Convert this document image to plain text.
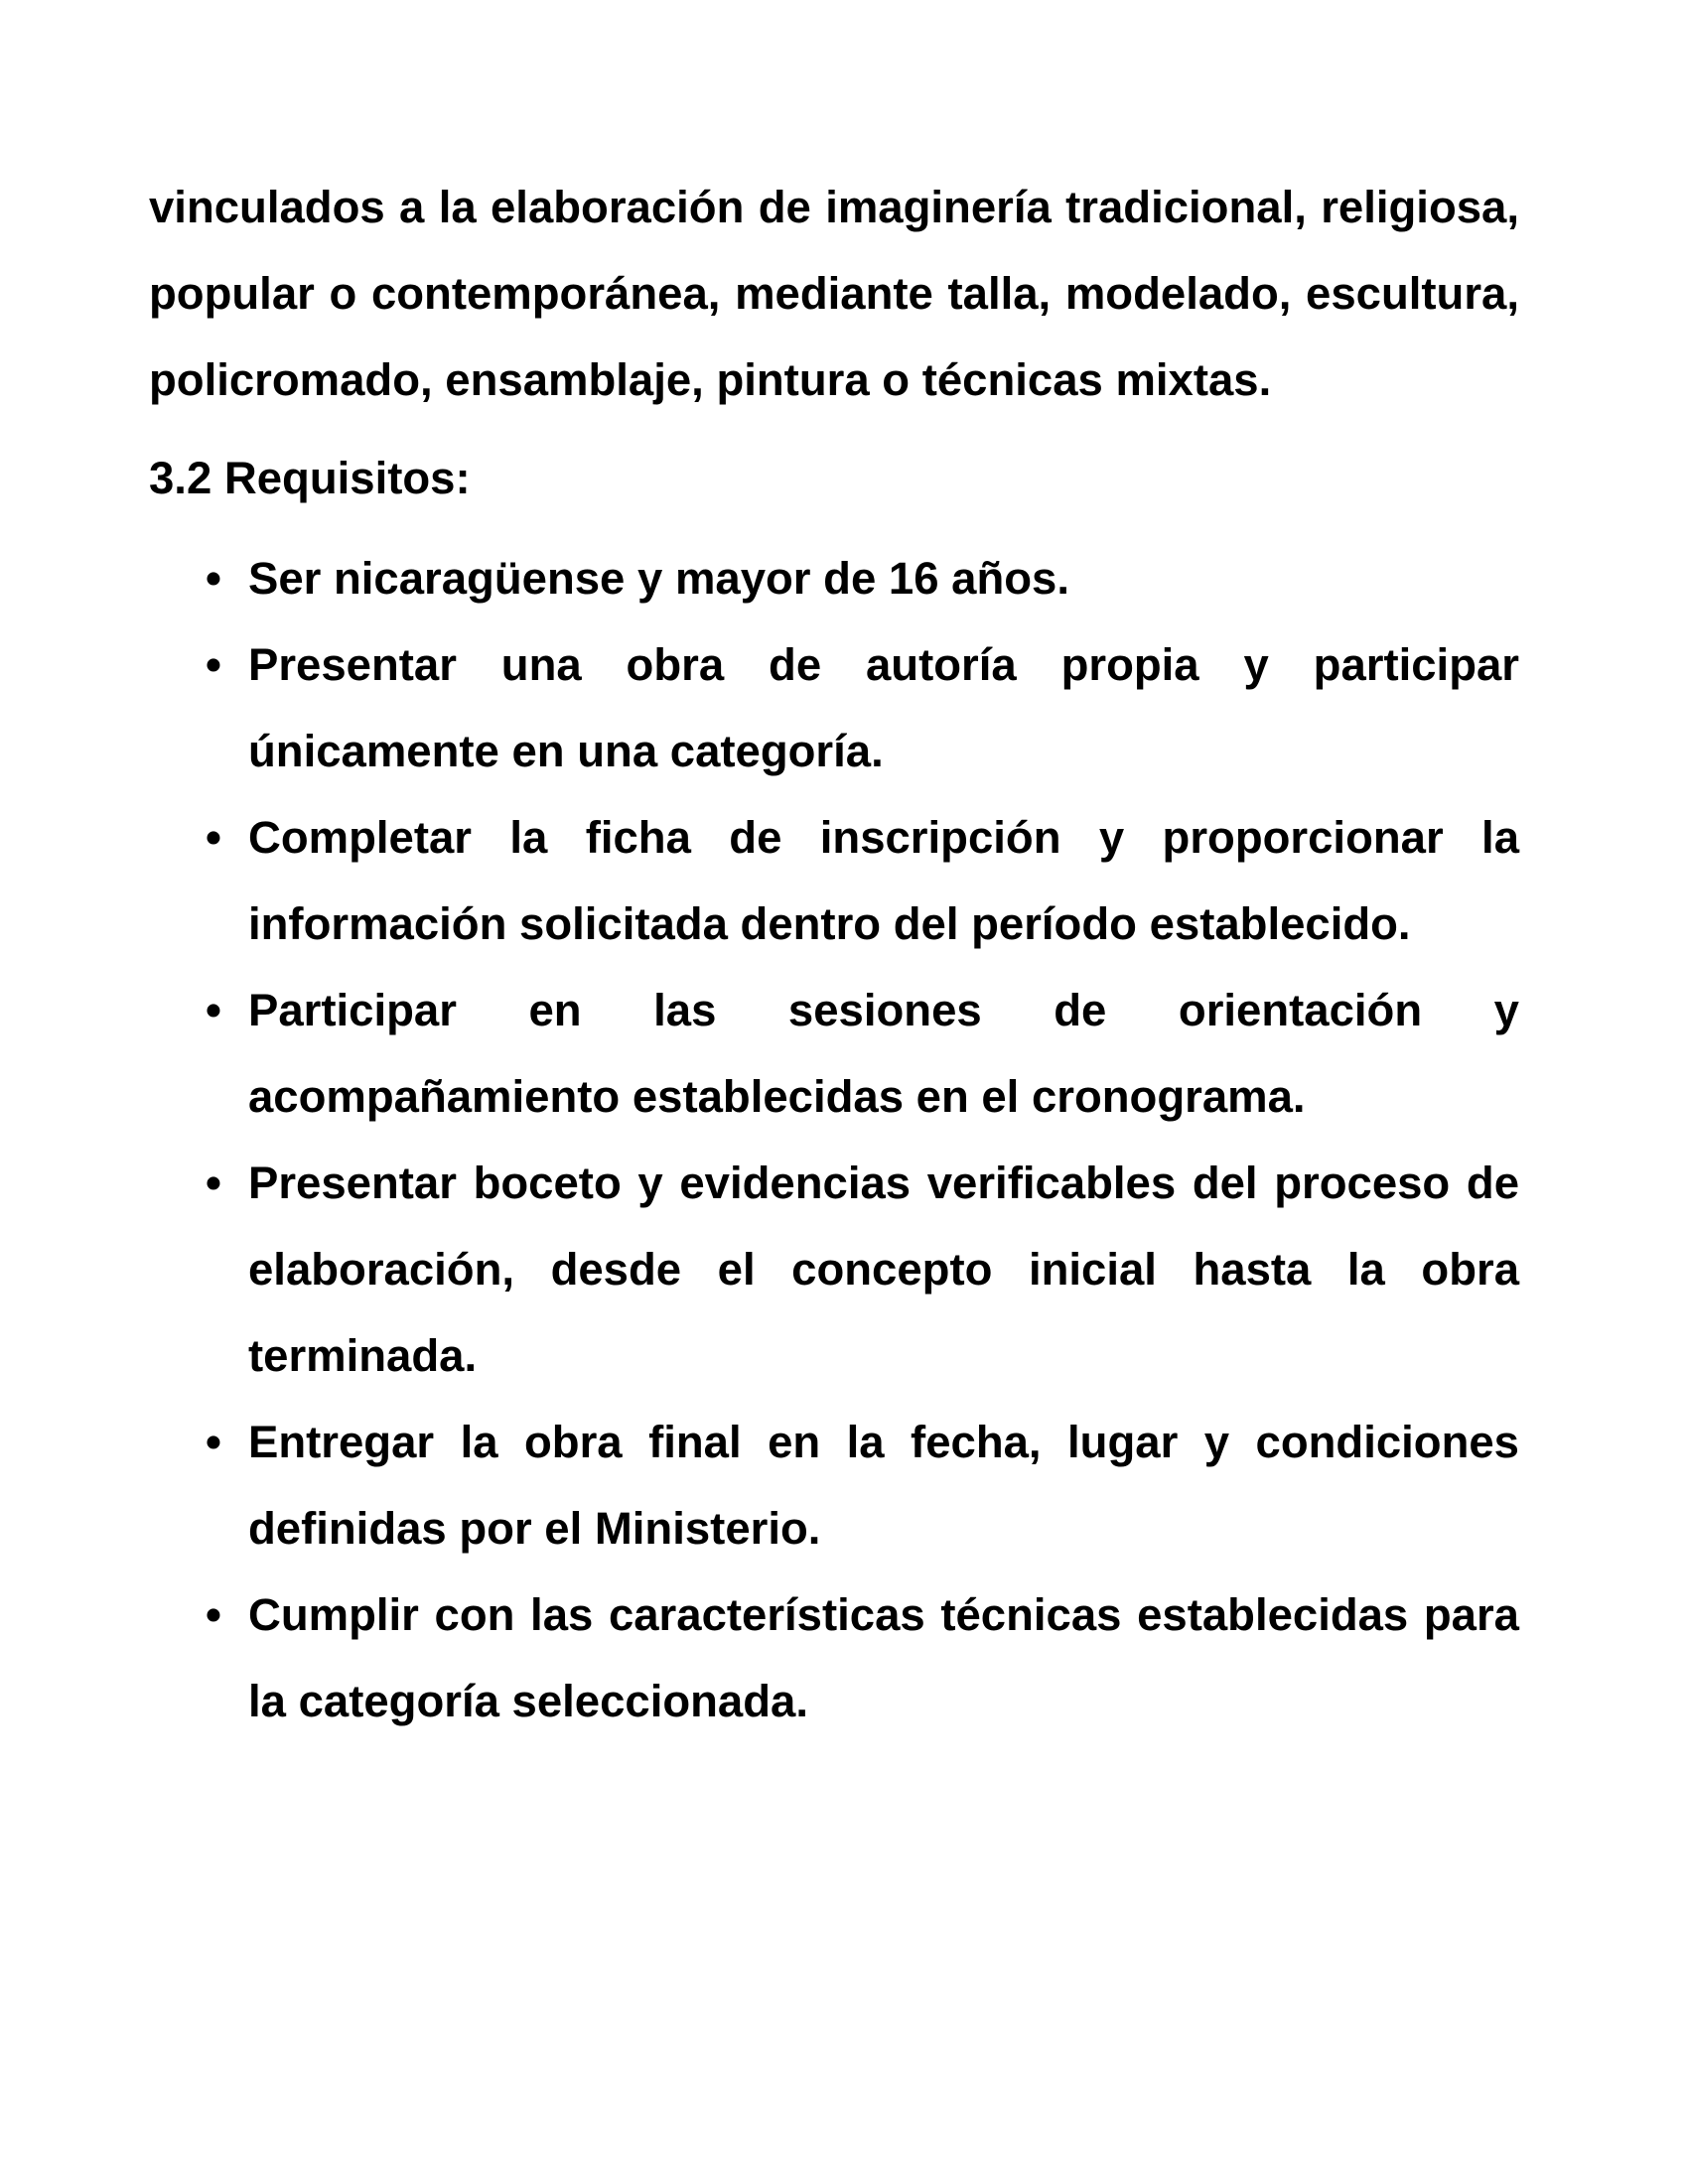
vinculados a la elaboración de imaginería tradicional, religiosa, popular o contemporánea, mediante talla, modelado, escultura, policromado, ensamblaje, pintura o técnicas mixtas.

3.2 Requisitos:
• Ser nicaragüense y mayor de 16 años.
• Presentar una obra de autoría propia y participar únicamente en una categoría.
• Completar la ficha de inscripción y proporcionar la información solicitada dentro del período establecido.
• Participar en las sesiones de orientación y acompañamiento establecidas en el cronograma.
• Presentar boceto y evidencias verificables del proceso de elaboración, desde el concepto inicial hasta la obra terminada.
• Entregar la obra final en la fecha, lugar y condiciones definidas por el Ministerio.
• Cumplir con las características técnicas establecidas para la categoría seleccionada.
